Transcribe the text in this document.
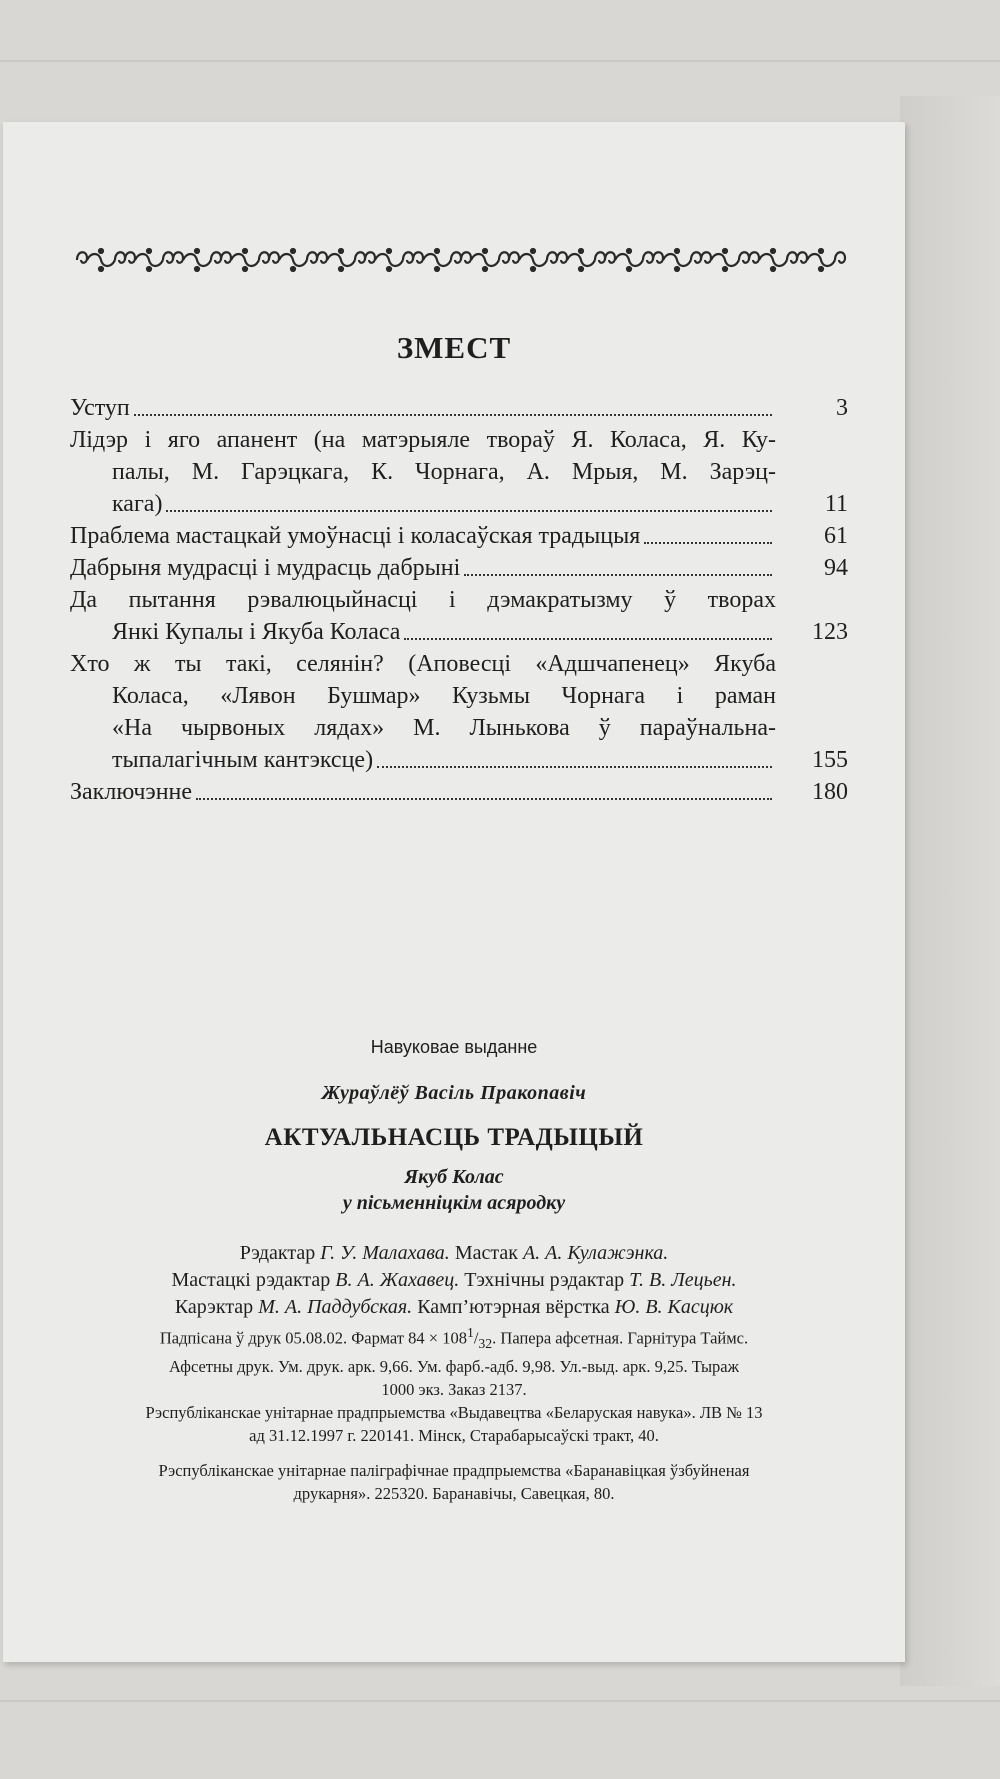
ЗМЕСТ
Уступ	3
Лідэр і яго апанент (на матэрыяле твораў Я. Коласа, Я. Ку-
палы, М. Гарэцкага, К. Чорнага, А. Мрыя, М. Зарэц-
кага)	11
Праблема мастацкай умоўнасці і коласаўская традыцыя	61
Дабрыня мудрасці і мудрасць дабрыні	94
Да пытання рэвалюцыйнасці і дэмакратызму ў творах
Янкі Купалы і Якуба Коласа	123
Хто ж ты такі, селянін? (Аповесці «Адшчапенец» Якуба
Коласа, «Лявон Бушмар» Кузьмы Чорнага і раман
«На чырвоных лядах» М. Лынькова ў параўнальна-
тыпалагічным кантэксце)	155
Заключэнне	180
Навуковае выданне
Жураўлёў Васіль Пракопавіч
АКТУАЛЬНАСЦЬ ТРАДЫЦЫЙ
Якуб Колас
у пісьменніцкім асяродку
Рэдактар Г. У. Малахава. Мастак А. А. Кулажэнка.
Мастацкі рэдактар В. А. Жахавец. Тэхнічны рэдактар Т. В. Лецьен.
Карэктар М. А. Паддубская. Камп’ютэрная вёрстка Ю. В. Касцюк
Падпісана ў друк 05.08.02. Фармат $84 \times 108^1/_{32}$. Папера афсетная. Гарнітура Таймс.
Афсетны друк. Ум. друк. арк. 9,66. Ум. фарб.-адб. 9,98. Ул.-выд. арк. 9,25. Тыраж
1000 экз. Заказ 2137.
Рэспубліканскае унітарнае прадпрыемства «Выдавецтва «Беларуская навука». ЛВ № 13
ад 31.12.1997 г. 220141. Мінск, Старабарысаўскі тракт, 40.
Рэспубліканскае унітарнае паліграфічнае прадпрыемства «Баранавіцкая ўзбуйненая
друкарня». 225320. Баранавічы, Савецкая, 80.
